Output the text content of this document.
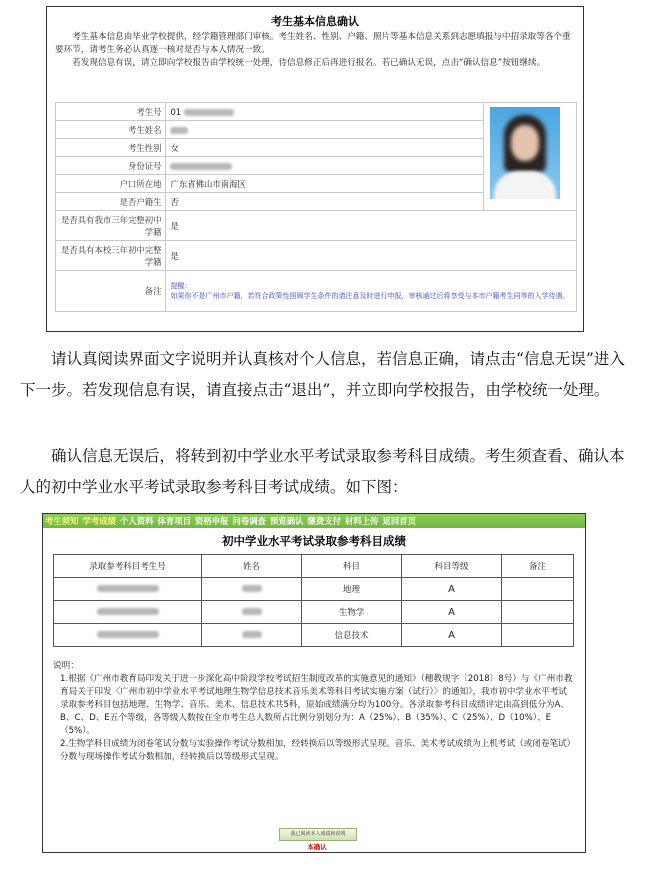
考生基本信息确认

考生基本信息由毕业学校提供，经学籍管理部门审核。考生姓名、性别、户籍、照片等基本信息关系到志愿填报与中招录取等各个重要环节，请考生务必认真逐一核对是否与本人情况一致。

若发现信息有误，请立即向学校报告由学校统一处理，待信息修正后再进行报名。若已确认无误，点击“确认信息”按钮继续。

考生号	01	

考生姓名		
考生性别	女	
身份证号		
户口所在地	广东省佛山市南海区	
是否户籍生	否	
是否具有我市三年完整初中学籍	是	
是否具有本校三年初中完整学籍	是	
备注	提醒：
如果你不是广州市户籍，若符合政策性照顾学生条件的请注意及时进行申报，审核通过后将享受与本市户籍考生同等的入学待遇。	

请认真阅读界面文字说明并认真核对个人信息，若信息正确，请点击“信息无误”进入下一步。若发现信息有误，请直接点击“退出”，并立即向学校报告，由学校统一处理。

确认信息无误后，将转到初中学业水平考试录取参考科目成绩。考生须查看、确认本人的初中学业水平考试录取参考科目考试成绩。如下图：

考生须知 学考成绩 个人资料 体育项目 资格申报 问卷调查 预览确认 缴费支付 材料上传 返回首页
初中学业水平考试录取参考科目成绩
录取参考科目考生号	姓名	科目	科目等级	备注
		地理	A	
		生物学	A	
		信息技术	A	

说明：

1.根据《广州市教育局印发关于进一步深化高中阶段学校考试招生制度改革的实施意见的通知》（穗教规字〔2018〕8号）与《广州市教育局关于印发〈广州市初中学业水平考试地理生物学信息技术音乐美术等科目考试实施方案（试行）〉的通知》，我市初中学业水平考试录取参考科目包括地理、生物学、音乐、美术、信息技术共5科，原始成绩满分均为100分。各录取参考科目成绩评定由高到低分为A、B、C、D、E五个等级，各等级人数按在全市考生总人数所占比例分别划分为：A（25%）、B（35%）、C（25%）、D（10%）、E（5%）。

2.生物学科目成绩为闭卷笔试分数与实验操作考试分数相加，经转换后以等级形式呈现。音乐、美术考试成绩为上机考试（或闭卷笔试）分数与现场操作考试分数相加，经转换后以等级形式呈现。

我已阅读本人成绩和说明
本确认
